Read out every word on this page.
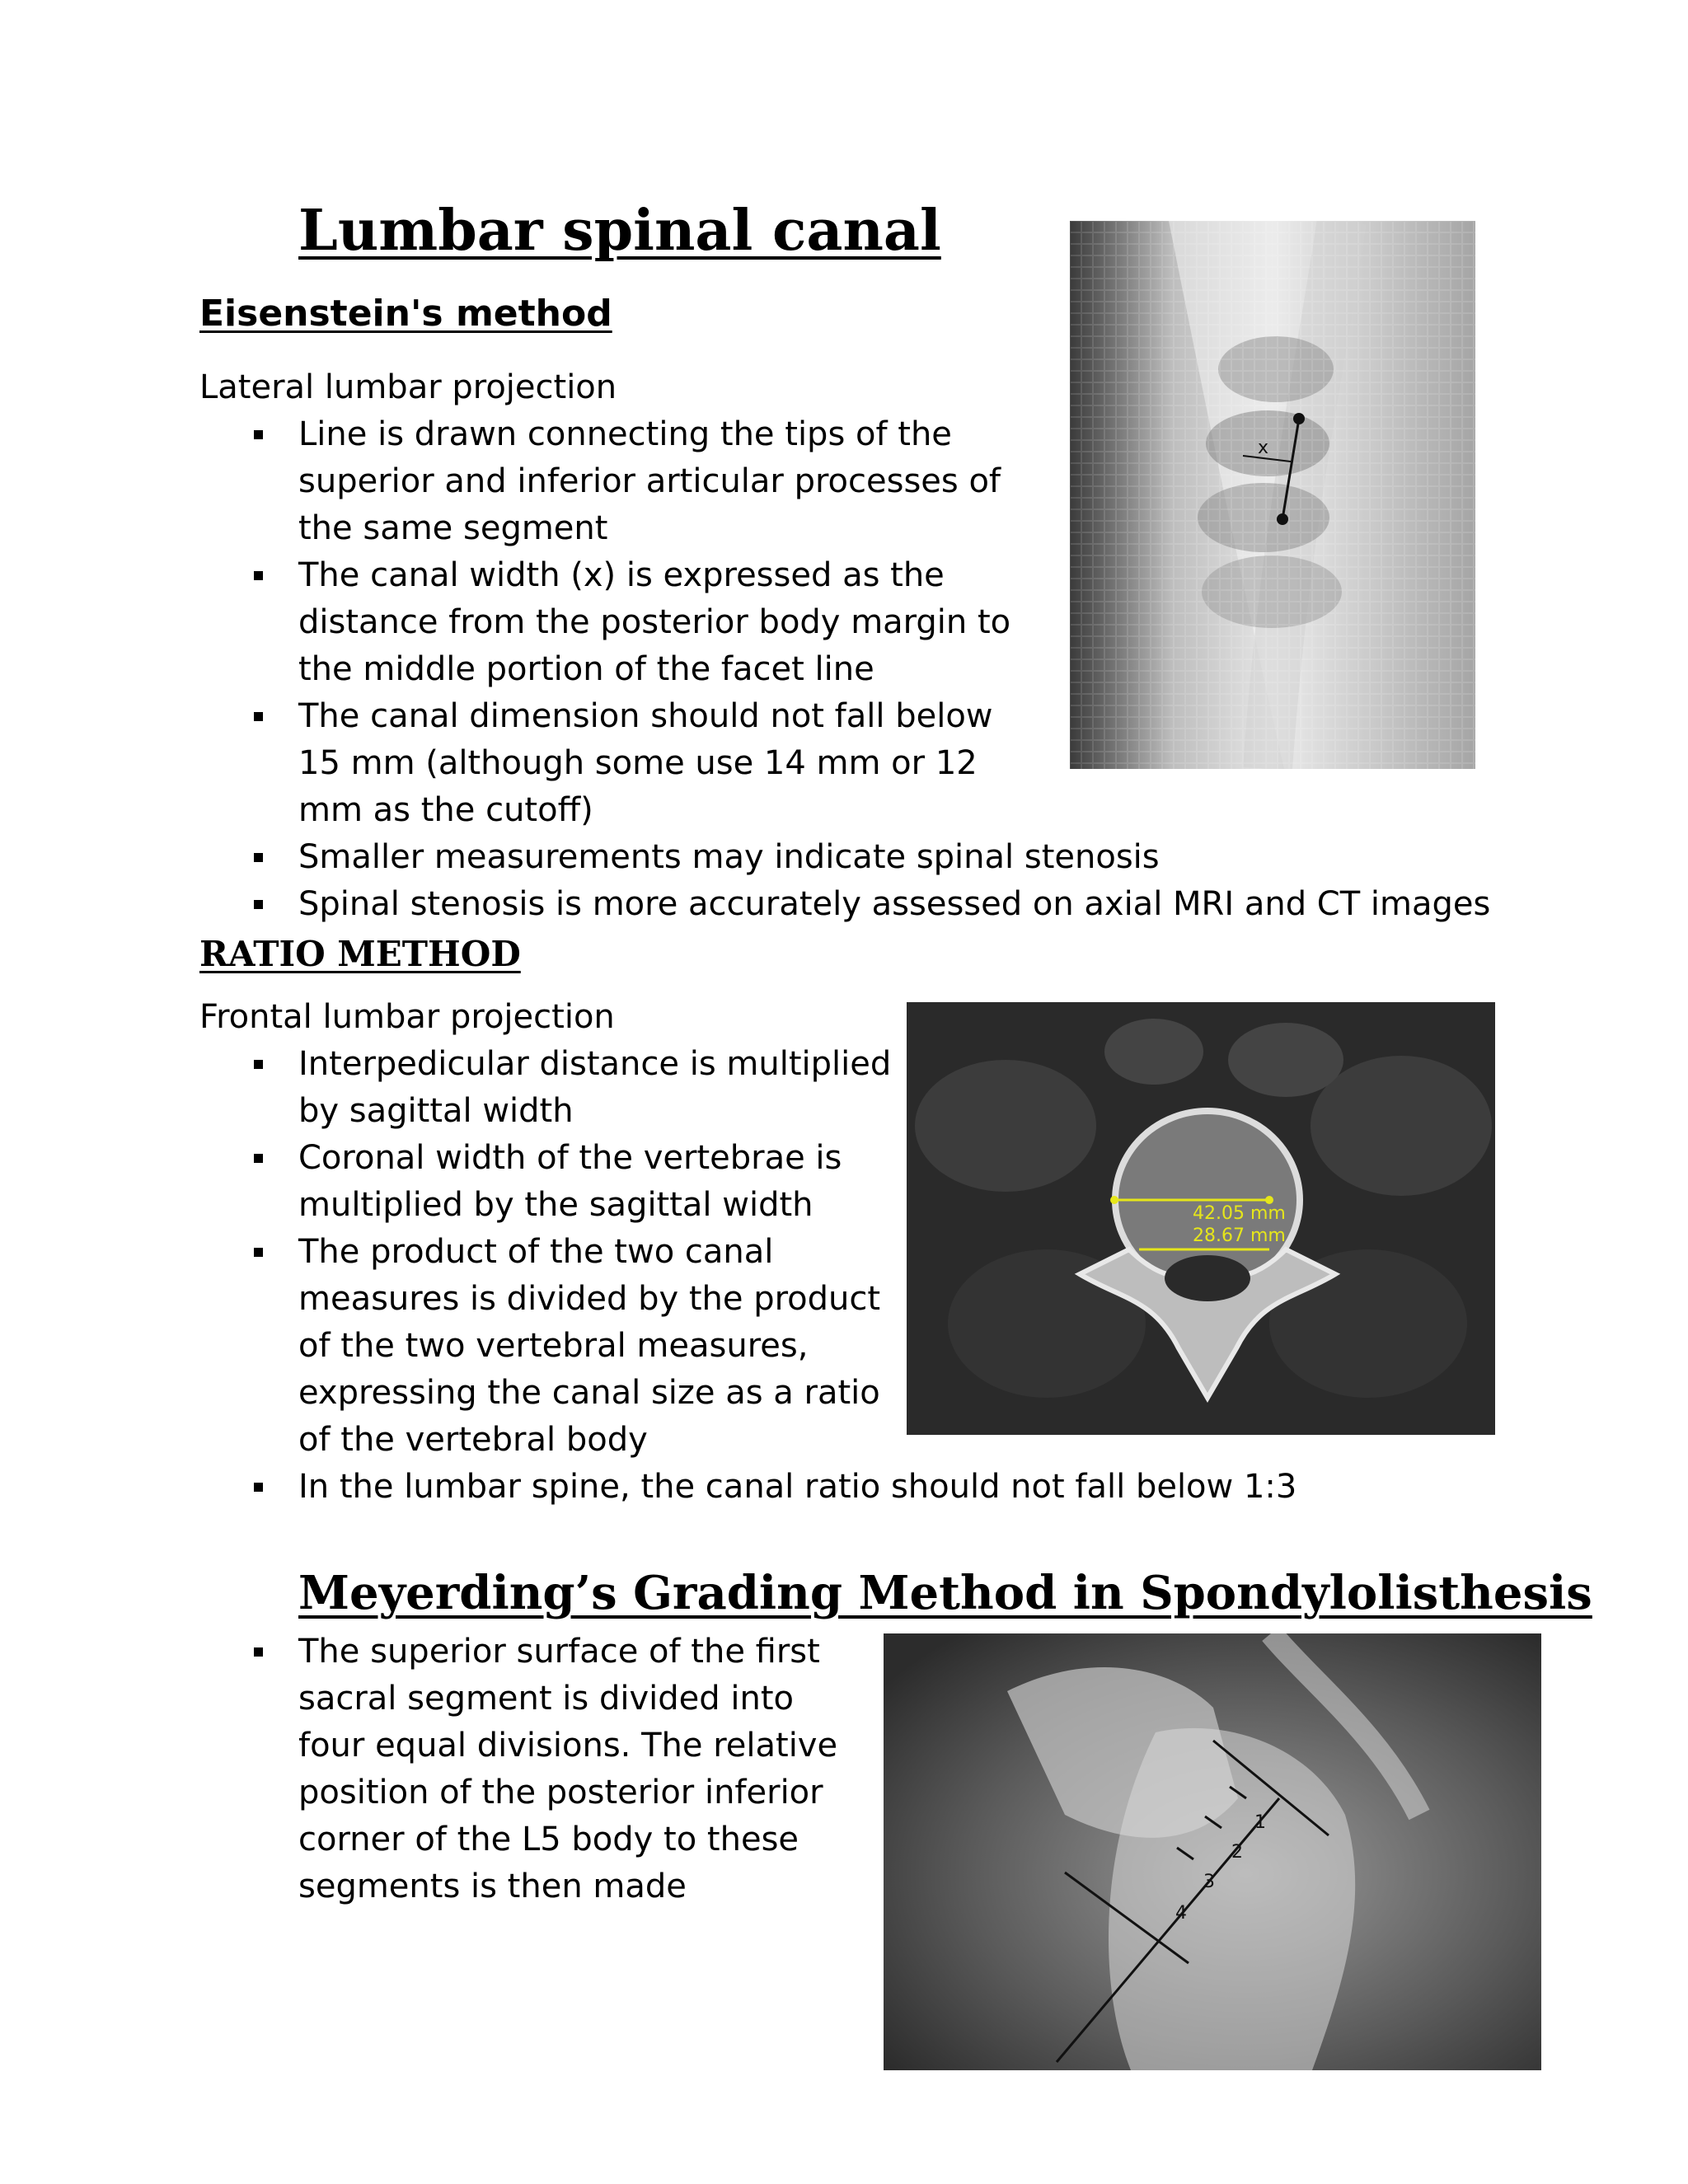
Lumbar spinal canal
Eisenstein's method
Lateral lumbar projection
Line is drawn connecting the tips of the superior and inferior articular processes of the same segment
The canal width (x) is expressed as the distance from the posterior body margin to the middle portion of the facet line
The canal dimension should not fall below 15 mm (although some use 14 mm or 12 mm as the cutoff)
Smaller measurements may indicate spinal stenosis
Spinal stenosis is more accurately assessed on axial MRI and CT images
x
RATIO METHOD
Frontal lumbar projection
Interpedicular distance is multiplied by sagittal width
Coronal width of the vertebrae is multiplied by the sagittal width
The product of the two canal measures is divided by the product of the two vertebral measures, expressing the canal size as a ratio of the vertebral body
In the lumbar spine, the canal ratio should not fall below 1:3
42.05 mm
28.67 mm
Meyerding’s Grading Method in Spondylolisthesis
The superior surface of the first sacral segment is divided into four equal divisions. The relative position of the posterior inferior corner of the L5 body to these segments is then made
1
2
3
4
